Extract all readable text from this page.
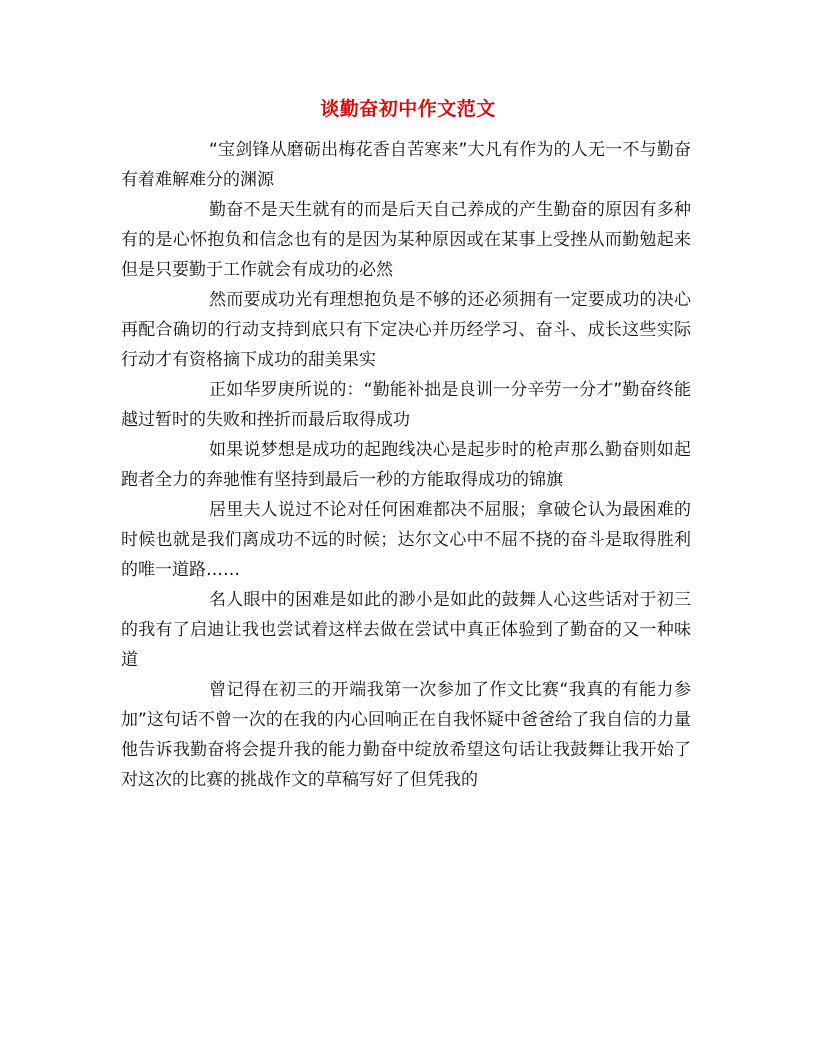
谈勤奋初中作文范文

“宝剑锋从磨砺出梅花香自苦寒来”大凡有作为的人无一不与勤奋有着难解难分的渊源

勤奋不是天生就有的而是后天自己养成的产生勤奋的原因有多种有的是心怀抱负和信念也有的是因为某种原因或在某事上受挫从而勤勉起来但是只要勤于工作就会有成功的必然

然而要成功光有理想抱负是不够的还必须拥有一定要成功的决心再配合确切的行动支持到底只有下定决心并历经学习、奋斗、成长这些实际行动才有资格摘下成功的甜美果实

正如华罗庚所说的：“勤能补拙是良训一分辛劳一分才”勤奋终能越过暂时的失败和挫折而最后取得成功

如果说梦想是成功的起跑线决心是起步时的枪声那么勤奋则如起跑者全力的奔驰惟有坚持到最后一秒的方能取得成功的锦旗

居里夫人说过不论对任何困难都决不屈服；拿破仑认为最困难的时候也就是我们离成功不远的时候；达尔文心中不屈不挠的奋斗是取得胜利的唯一道路……

名人眼中的困难是如此的渺小是如此的鼓舞人心这些话对于初三的我有了启迪让我也尝试着这样去做在尝试中真正体验到了勤奋的又一种味道

曾记得在初三的开端我第一次参加了作文比赛“我真的有能力参加”这句话不曾一次的在我的内心回响正在自我怀疑中爸爸给了我自信的力量他告诉我勤奋将会提升我的能力勤奋中绽放希望这句话让我鼓舞让我开始了对这次的比赛的挑战作文的草稿写好了但凭我的
